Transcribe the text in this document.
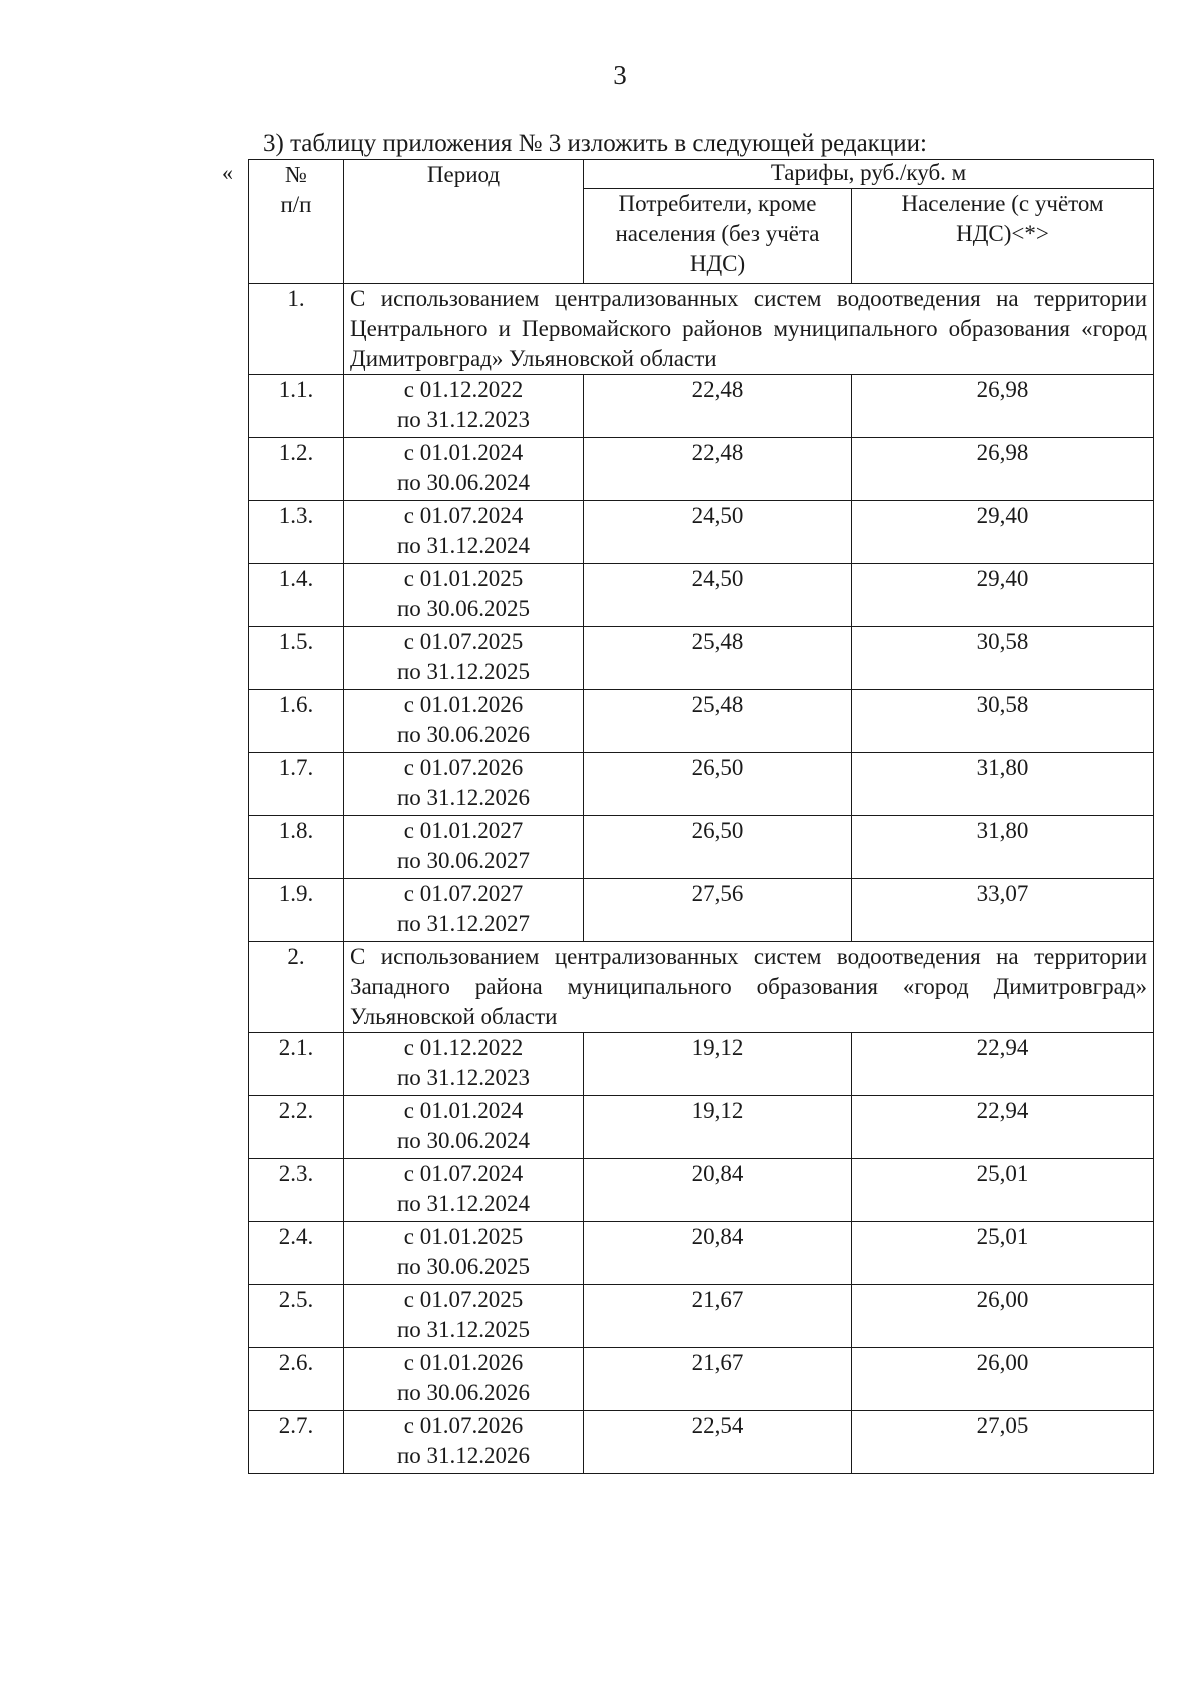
3
3) таблицу приложения № 3 изложить в следующей редакции:
« №
п/п	Период	Тарифы, руб./куб. м	
		Потребители, кроме населения (без учёта НДС)	Население (с учётом НДС)<*>
1.	С использованием централизованных систем водоотведения на территории Центрального и Первомайского районов муниципального образования «город Димитровград» Ульяновской области		
1.1.	с 01.12.2022
по 31.12.2023	22,48	26,98
1.2.	с 01.01.2024
по 30.06.2024	22,48	26,98
1.3.	с 01.07.2024
по 31.12.2024	24,50	29,40
1.4.	с 01.01.2025
по 30.06.2025	24,50	29,40
1.5.	с 01.07.2025
по 31.12.2025	25,48	30,58
1.6.	с 01.01.2026
по 30.06.2026	25,48	30,58
1.7.	с 01.07.2026
по 31.12.2026	26,50	31,80
1.8.	с 01.01.2027
по 30.06.2027	26,50	31,80
1.9.	с 01.07.2027
по 31.12.2027	27,56	33,07
2.	С использованием централизованных систем водоотведения на территории Западного района муниципального образования «город Димитровград» Ульяновской области		
2.1.	с 01.12.2022
по 31.12.2023	19,12	22,94
2.2.	с 01.01.2024
по 30.06.2024	19,12	22,94
2.3.	с 01.07.2024
по 31.12.2024	20,84	25,01
2.4.	с 01.01.2025
по 30.06.2025	20,84	25,01
2.5.	с 01.07.2025
по 31.12.2025	21,67	26,00
2.6.	с 01.01.2026
по 30.06.2026	21,67	26,00
2.7.	с 01.07.2026
по 31.12.2026	22,54	27,05
